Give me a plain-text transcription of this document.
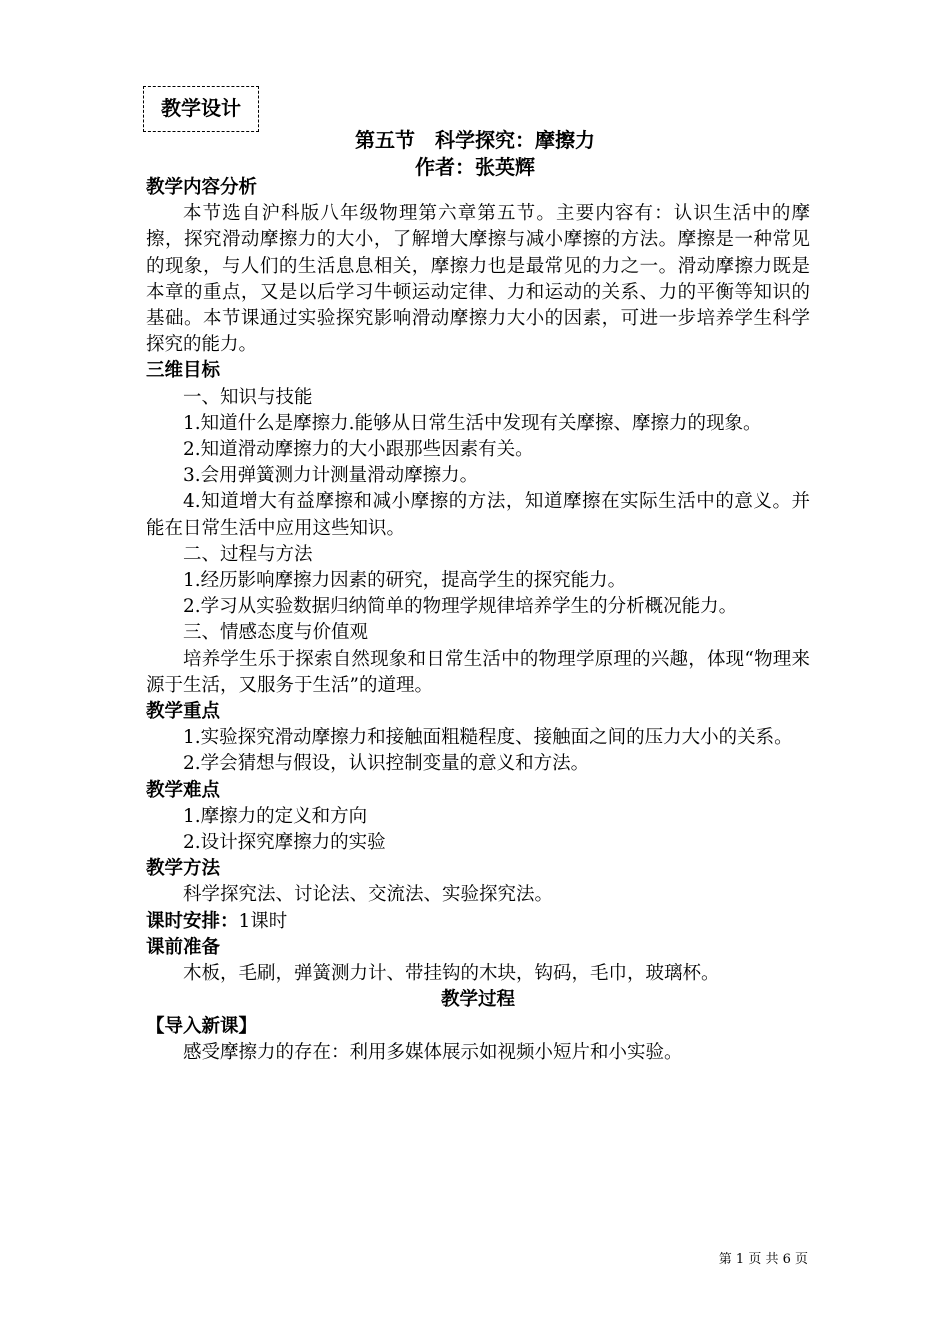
教学设计
第五节　科学探究：摩擦力
作者：张英辉

教学内容分析

本节选自沪科版八年级物理第六章第五节。主要内容有：认识生活中的摩擦，探究滑动摩擦力的大小，了解增大摩擦与减小摩擦的方法。摩擦是一种常见的现象，与人们的生活息息相关，摩擦力也是最常见的力之一。滑动摩擦力既是本章的重点，又是以后学习牛顿运动定律、力和运动的关系、力的平衡等知识的基础。本节课通过实验探究影响滑动摩擦力大小的因素，可进一步培养学生科学探究的能力。

三维目标

一、知识与技能

1.知道什么是摩擦力.能够从日常生活中发现有关摩擦、摩擦力的现象。

2.知道滑动摩擦力的大小跟那些因素有关。

3.会用弹簧测力计测量滑动摩擦力。

4.知道增大有益摩擦和减小摩擦的方法，知道摩擦在实际生活中的意义。并能在日常生活中应用这些知识。

二、过程与方法

1.经历影响摩擦力因素的研究，提高学生的探究能力。

2.学习从实验数据归纳简单的物理学规律培养学生的分析概况能力。

三、情感态度与价值观

培养学生乐于探索自然现象和日常生活中的物理学原理的兴趣，体现“物理来源于生活，又服务于生活”的道理。

教学重点

1.实验探究滑动摩擦力和接触面粗糙程度、接触面之间的压力大小的关系。

2.学会猜想与假设，认识控制变量的意义和方法。

教学难点

1.摩擦力的定义和方向

2.设计探究摩擦力的实验

教学方法

科学探究法、讨论法、交流法、实验探究法。

课时安排：1课时

课前准备

木板，毛刷，弹簧测力计、带挂钩的木块，钩码，毛巾，玻璃杯。

教学过程

【导入新课】

感受摩擦力的存在：利用多媒体展示如视频小短片和小实验。

第 1 页 共 6 页
